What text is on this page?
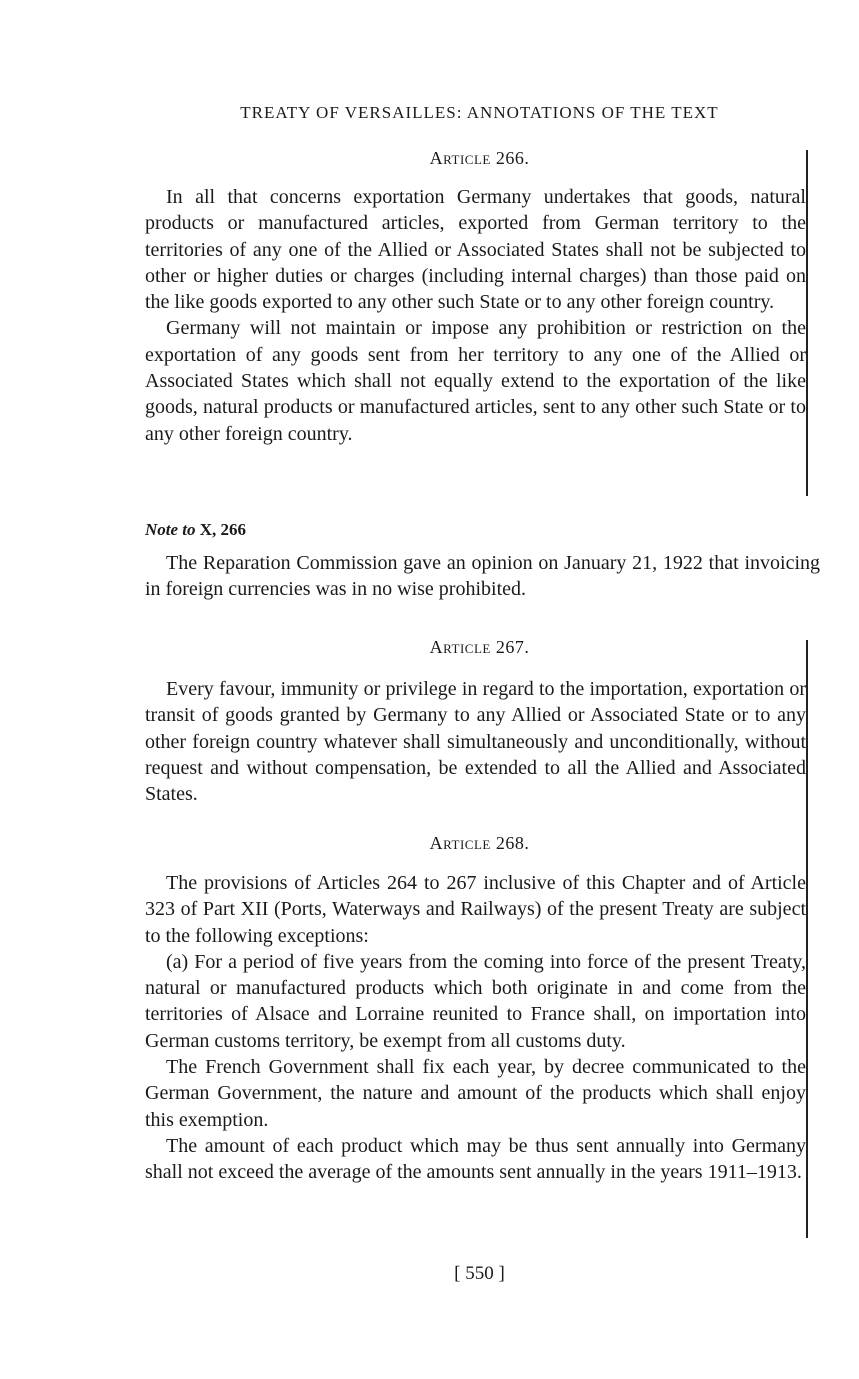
TREATY OF VERSAILLES: ANNOTATIONS OF THE TEXT
Article 266.

In all that concerns exportation Germany undertakes that goods, natural products or manufactured articles, exported from German territory to the territories of any one of the Allied or Associated States shall not be subjected to other or higher duties or charges (including internal charges) than those paid on the like goods exported to any other such State or to any other foreign country.

Germany will not maintain or impose any prohibition or restriction on the exportation of any goods sent from her territory to any one of the Allied or Associated States which shall not equally extend to the exportation of the like goods, natural products or manufactured articles, sent to any other such State or to any other foreign country.

Note to X, 266

The Reparation Commission gave an opinion on January 21, 1922 that invoicing in foreign currencies was in no wise prohibited.

Article 267.

Every favour, immunity or privilege in regard to the importation, exportation or transit of goods granted by Germany to any Allied or Associated State or to any other foreign country whatever shall simultaneously and unconditionally, without request and without compensation, be extended to all the Allied and Associated States.

Article 268.

The provisions of Articles 264 to 267 inclusive of this Chapter and of Article 323 of Part XII (Ports, Waterways and Railways) of the present Treaty are subject to the following exceptions:

(a) For a period of five years from the coming into force of the present Treaty, natural or manufactured products which both originate in and come from the territories of Alsace and Lorraine reunited to France shall, on importation into German customs territory, be exempt from all customs duty.

The French Government shall fix each year, by decree communicated to the German Government, the nature and amount of the products which shall enjoy this exemption.

The amount of each product which may be thus sent annually into Germany shall not exceed the average of the amounts sent annually in the years 1911–1913.

[ 550 ]
